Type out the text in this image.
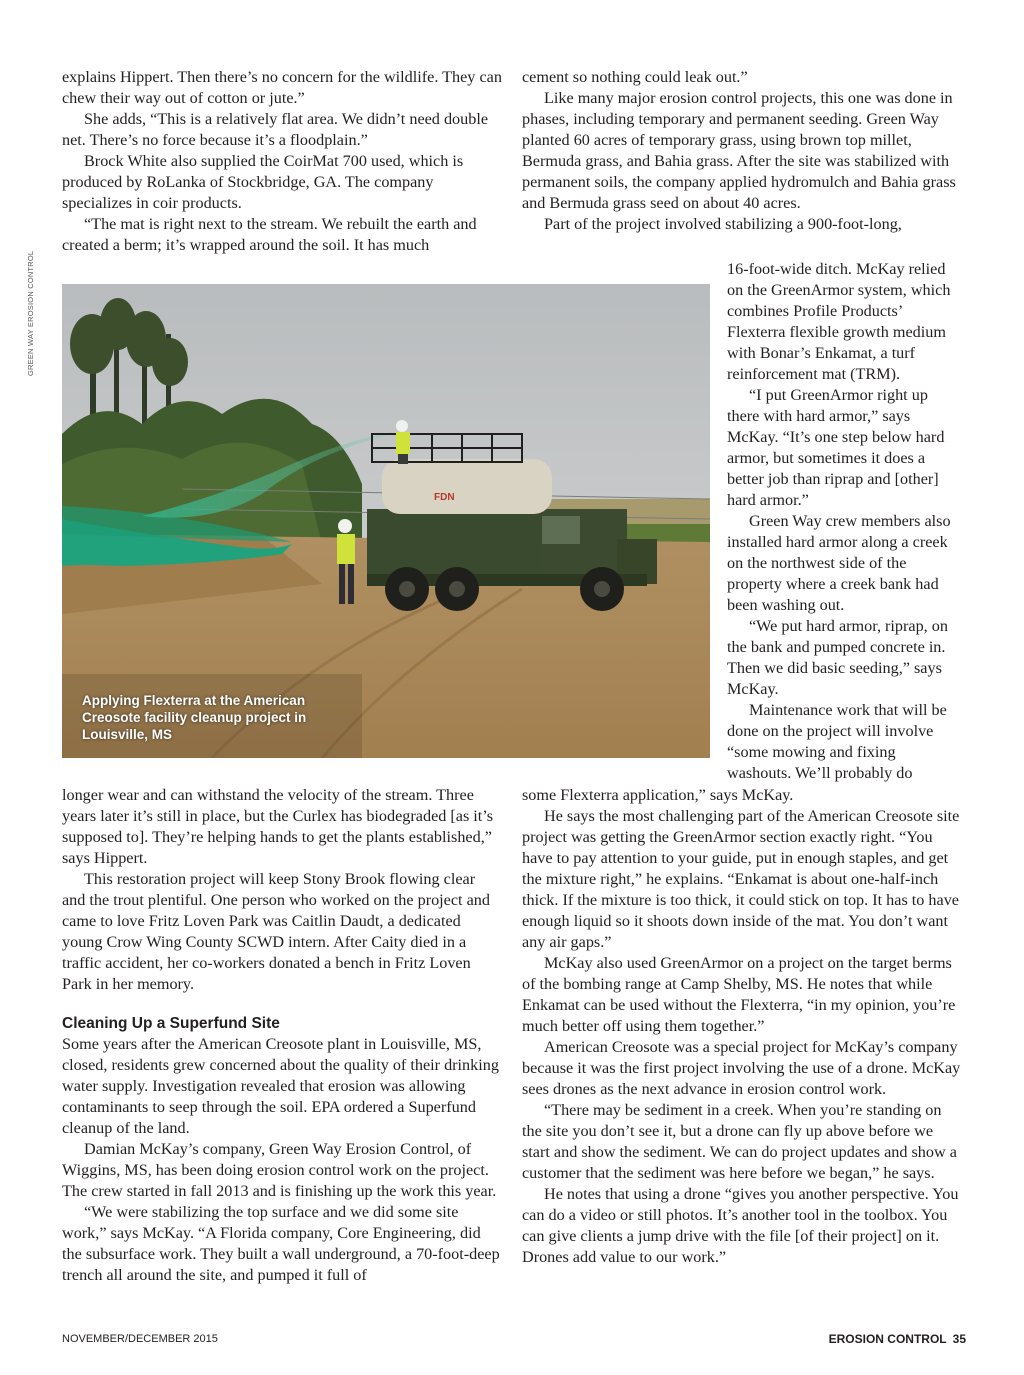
explains Hippert. Then there’s no concern for the wildlife. They can chew their way out of cotton or jute.”

She adds, “This is a relatively flat area. We didn’t need double net. There’s no force because it’s a floodplain.”

Brock White also supplied the CoirMat 700 used, which is produced by RoLanka of Stockbridge, GA. The company specializes in coir products.

“The mat is right next to the stream. We rebuilt the earth and created a berm; it’s wrapped around the soil. It has much

GREEN WAY EROSION CONTROL
FDN
Applying Flexterra at the American Creosote facility cleanup project in Louisville, MS

longer wear and can withstand the velocity of the stream. Three years later it’s still in place, but the Curlex has biodegraded [as it’s supposed to]. They’re helping hands to get the plants established,” says Hippert.

This restoration project will keep Stony Brook flowing clear and the trout plentiful. One person who worked on the project and came to love Fritz Loven Park was Caitlin Daudt, a dedicated young Crow Wing County SCWD intern. After Caity died in a traffic accident, her co-workers donated a bench in Fritz Loven Park in her memory.

Cleaning Up a Superfund Site

Some years after the American Creosote plant in Louisville, MS, closed, residents grew concerned about the quality of their drinking water supply. Investigation revealed that erosion was allowing contaminants to seep through the soil. EPA ordered a Superfund cleanup of the land.

Damian McKay’s company, Green Way Erosion Control, of Wiggins, MS, has been doing erosion control work on the project. The crew started in fall 2013 and is finishing up the work this year.

“We were stabilizing the top surface and we did some site work,” says McKay. “A Florida company, Core Engineering, did the subsurface work. They built a wall underground, a 70-foot-deep trench all around the site, and pumped it full of

cement so nothing could leak out.”

Like many major erosion control projects, this one was done in phases, including temporary and permanent seeding. Green Way planted 60 acres of temporary grass, using brown top millet, Bermuda grass, and Bahia grass. After the site was stabilized with permanent soils, the company applied hydromulch and Bahia grass and Bermuda grass seed on about 40 acres.

Part of the project involved stabilizing a 900-foot-long,

16-foot-wide ditch. McKay relied on the GreenArmor system, which combines Profile Products’ Flexterra flexible growth medium with Bonar’s Enkamat, a turf reinforcement mat (TRM).

“I put GreenArmor right up there with hard armor,” says McKay. “It’s one step below hard armor, but sometimes it does a better job than riprap and [other] hard armor.”

Green Way crew members also installed hard armor along a creek on the northwest side of the property where a creek bank had been washing out.

“We put hard armor, riprap, on the bank and pumped concrete in. Then we did basic seeding,” says McKay.

Maintenance work that will be done on the project will involve “some mowing and fixing washouts. We’ll probably do

some Flexterra application,” says McKay.

He says the most challenging part of the American Creosote site project was getting the GreenArmor section exactly right. “You have to pay attention to your guide, put in enough staples, and get the mixture right,” he explains. “Enkamat is about one-half-inch thick. If the mixture is too thick, it could stick on top. It has to have enough liquid so it shoots down inside of the mat. You don’t want any air gaps.”

McKay also used GreenArmor on a project on the target berms of the bombing range at Camp Shelby, MS. He notes that while Enkamat can be used without the Flexterra, “in my opinion, you’re much better off using them together.”

American Creosote was a special project for McKay’s company because it was the first project involving the use of a drone. McKay sees drones as the next advance in erosion control work.

“There may be sediment in a creek. When you’re standing on the site you don’t see it, but a drone can fly up above before we start and show the sediment. We can do project updates and show a customer that the sediment was here before we began,” he says.

He notes that using a drone “gives you another perspective. You can do a video or still photos. It’s another tool in the toolbox. You can give clients a jump drive with the file [of their project] on it. Drones add value to our work.”

NOVEMBER/DECEMBER 2015	EROSION CONTROL 35
